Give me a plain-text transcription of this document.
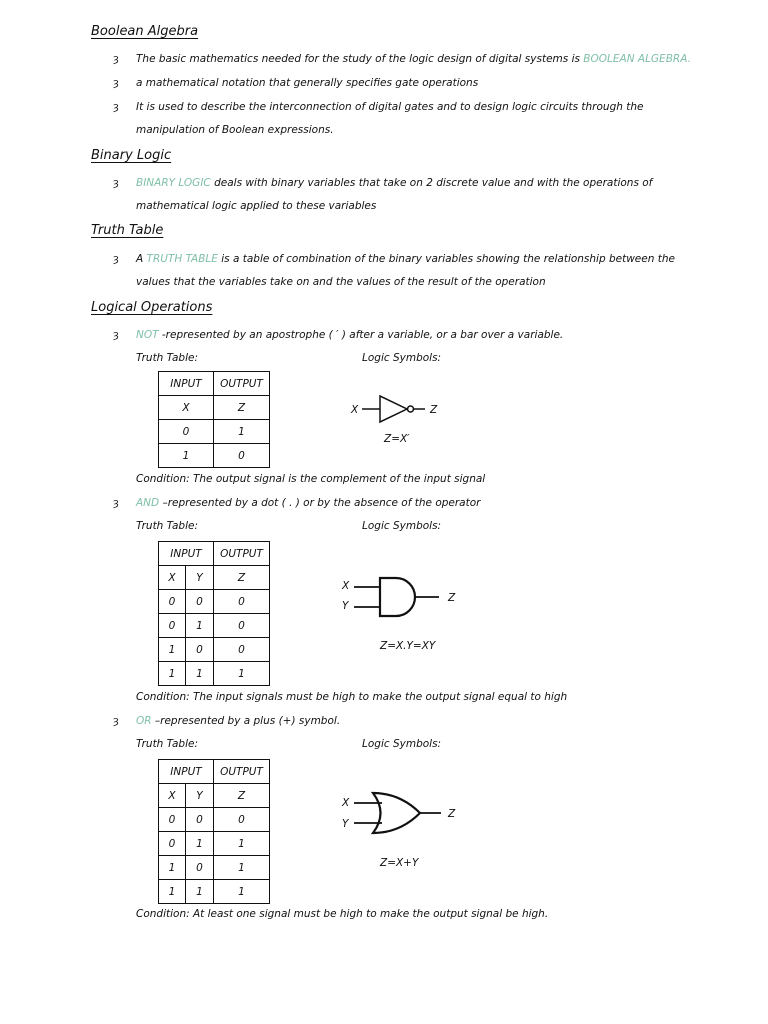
Boolean Algebra
ȝ The basic mathematics needed for the study of the logic design of digital systems is BOOLEAN ALGEBRA.
ȝ a mathematical notation that generally specifies gate operations
ȝ It is used to describe the interconnection of digital gates and to design logic circuits through the
manipulation of Boolean expressions.
Binary Logic
ȝ BINARY LOGIC deals with binary variables that take on 2 discrete value and with the operations of
mathematical logic applied to these variables
Truth Table
ȝ A TRUTH TABLE is a table of combination of the binary variables showing the relationship between the
values that the variables take on and the values of the result of the operation
Logical Operations
ȝ NOT -represented by an apostrophe ( ′ ) after a variable, or a bar over a variable.
Truth Table:	Logic Symbols:
INPUT	OUTPUT
X	Z
0	1
1	0
X	Z
Z=X′
Condition: The output signal is the complement of the input signal
ȝ AND –represented by a dot ( . ) or by the absence of the operator
Truth Table:	Logic Symbols:
INPUT		OUTPUT
X	Y	Z
0	0	0
0	1	0
1	0	0
1	1	1
X
Y
Z
Z=X.Y=XY
Condition: The input signals must be high to make the output signal equal to high
ȝ OR –represented by a plus (+) symbol.
Truth Table:	Logic Symbols:
INPUT		OUTPUT
X	Y	Z
0	0	0
0	1	1
1	0	1
1	1	1
X
Y
Z
Z=X+Y
Condition: At least one signal must be high to make the output signal be high.
